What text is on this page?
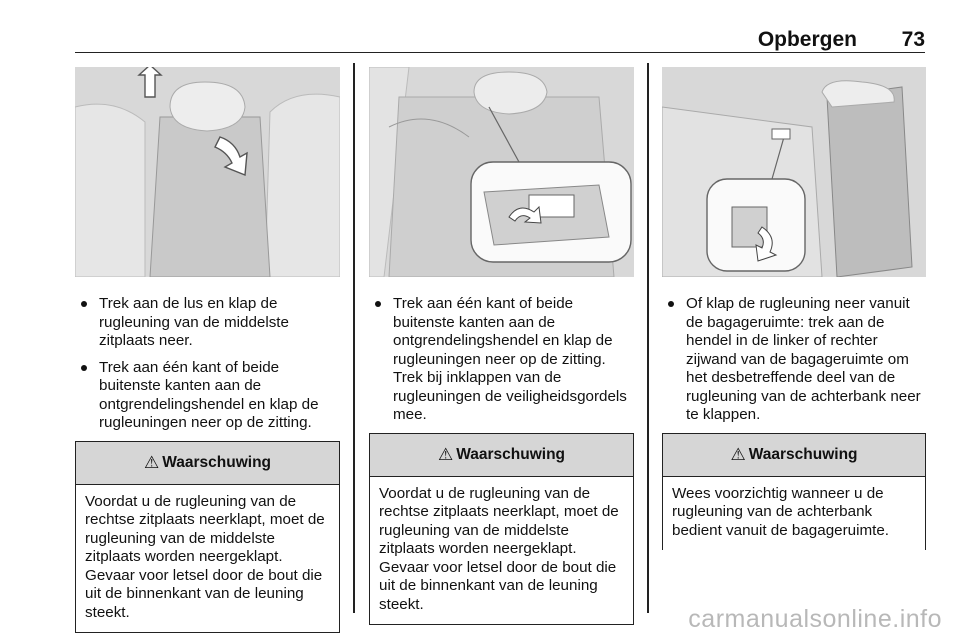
Opbergen 73
Trek aan de lus en klap de rugleuning van de middelste zitplaats neer.
Trek aan één kant of beide buitenste kanten aan de ontgrendelingshendel en klap de rugleuningen neer op de zitting.
⚠ Waarschuwing
Voordat u de rugleuning van de rechtse zitplaats neerklapt, moet de rugleuning van de middelste zitplaats worden neergeklapt. Gevaar voor letsel door de bout die uit de binnenkant van de leuning steekt.
Trek aan één kant of beide buitenste kanten aan de ontgrendelingshendel en klap de rugleuningen neer op de zitting. Trek bij inklappen van de rugleuningen de veiligheidsgordels mee.
⚠ Waarschuwing
Voordat u de rugleuning van de rechtse zitplaats neerklapt, moet de rugleuning van de middelste zitplaats worden neergeklapt. Gevaar voor letsel door de bout die uit de binnenkant van de leuning steekt.
Of klap de rugleuning neer vanuit de bagageruimte: trek aan de hendel in de linker of rechter zijwand van de bagageruimte om het desbetreffende deel van de rugleuning van de achterbank neer te klappen.
⚠ Waarschuwing
Wees voorzichtig wanneer u de rugleuning van de achterbank bedient vanuit de bagageruimte.
carmanualsonline.info
